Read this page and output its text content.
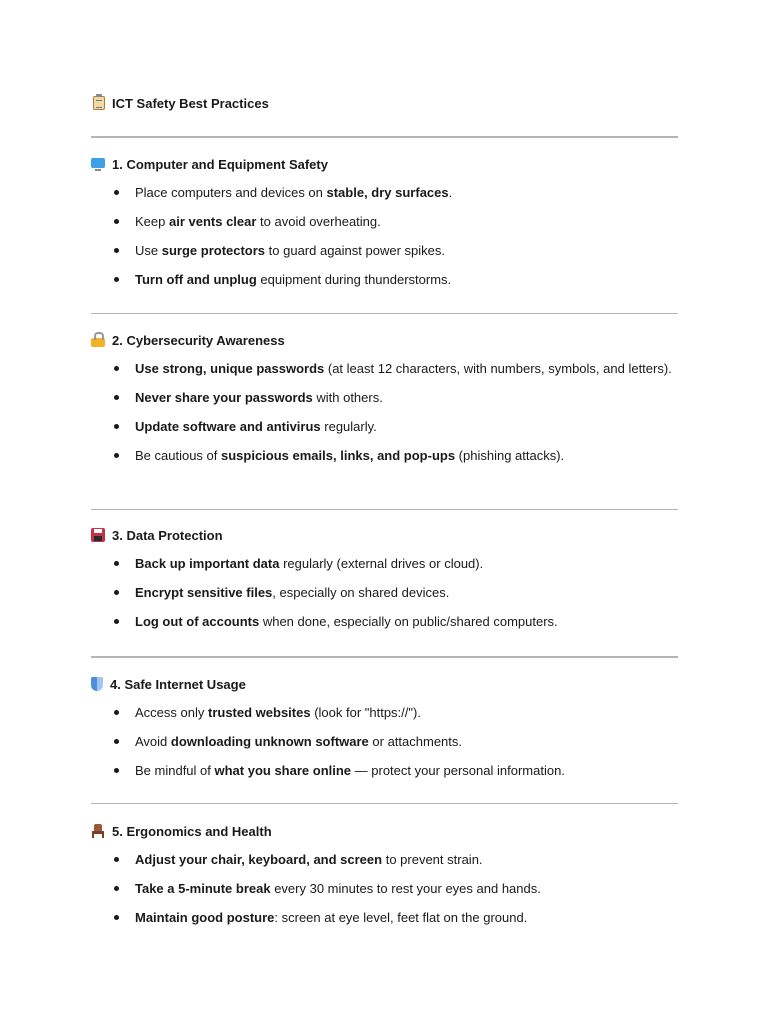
ICT Safety Best Practices
1. Computer and Equipment Safety
Place computers and devices on stable, dry surfaces.
Keep air vents clear to avoid overheating.
Use surge protectors to guard against power spikes.
Turn off and unplug equipment during thunderstorms.
2. Cybersecurity Awareness
Use strong, unique passwords (at least 12 characters, with numbers, symbols, and letters).
Never share your passwords with others.
Update software and antivirus regularly.
Be cautious of suspicious emails, links, and pop-ups (phishing attacks).
3. Data Protection
Back up important data regularly (external drives or cloud).
Encrypt sensitive files, especially on shared devices.
Log out of accounts when done, especially on public/shared computers.
4. Safe Internet Usage
Access only trusted websites (look for "https://").
Avoid downloading unknown software or attachments.
Be mindful of what you share online — protect your personal information.
5. Ergonomics and Health
Adjust your chair, keyboard, and screen to prevent strain.
Take a 5-minute break every 30 minutes to rest your eyes and hands.
Maintain good posture: screen at eye level, feet flat on the ground.
